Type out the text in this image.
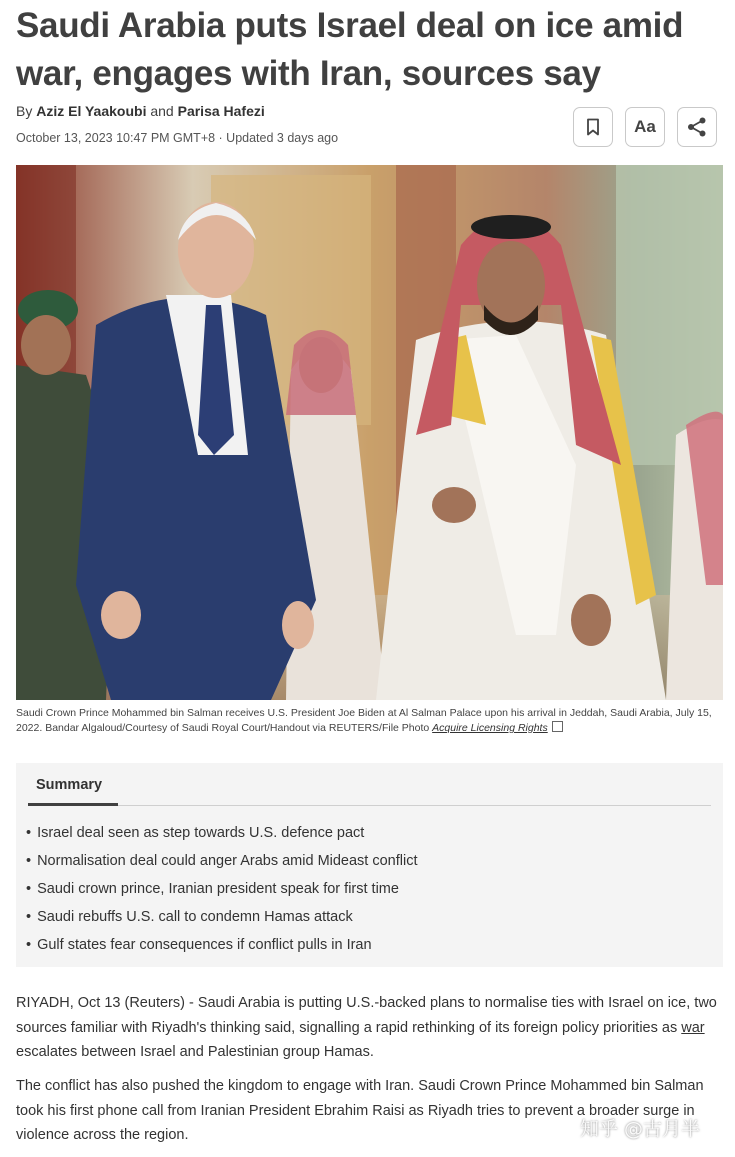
Saudi Arabia puts Israel deal on ice amid war, engages with Iran, sources say
By Aziz El Yaakoubi and Parisa Hafezi
October 13, 2023 10:47 PM GMT+8 · Updated 3 days ago
Aa
Saudi Crown Prince Mohammed bin Salman receives U.S. President Joe Biden at Al Salman Palace upon his arrival in Jeddah, Saudi Arabia, July 15, 2022. Bandar Algaloud/Courtesy of Saudi Royal Court/Handout via REUTERS/File Photo Acquire Licensing Rights
Summary
• Israel deal seen as step towards U.S. defence pact
• Normalisation deal could anger Arabs amid Mideast conflict
• Saudi crown prince, Iranian president speak for first time
• Saudi rebuffs U.S. call to condemn Hamas attack
• Gulf states fear consequences if conflict pulls in Iran

RIYADH, Oct 13 (Reuters) - Saudi Arabia is putting U.S.-backed plans to normalise ties with Israel on ice, two sources familiar with Riyadh's thinking said, signalling a rapid rethinking of its foreign policy priorities as war escalates between Israel and Palestinian group Hamas.

The conflict has also pushed the kingdom to engage with Iran. Saudi Crown Prince Mohammed bin Salman took his first phone call from Iranian President Ebrahim Raisi as Riyadh tries to prevent a broader surge in violence across the region.	知乎 @古月半
